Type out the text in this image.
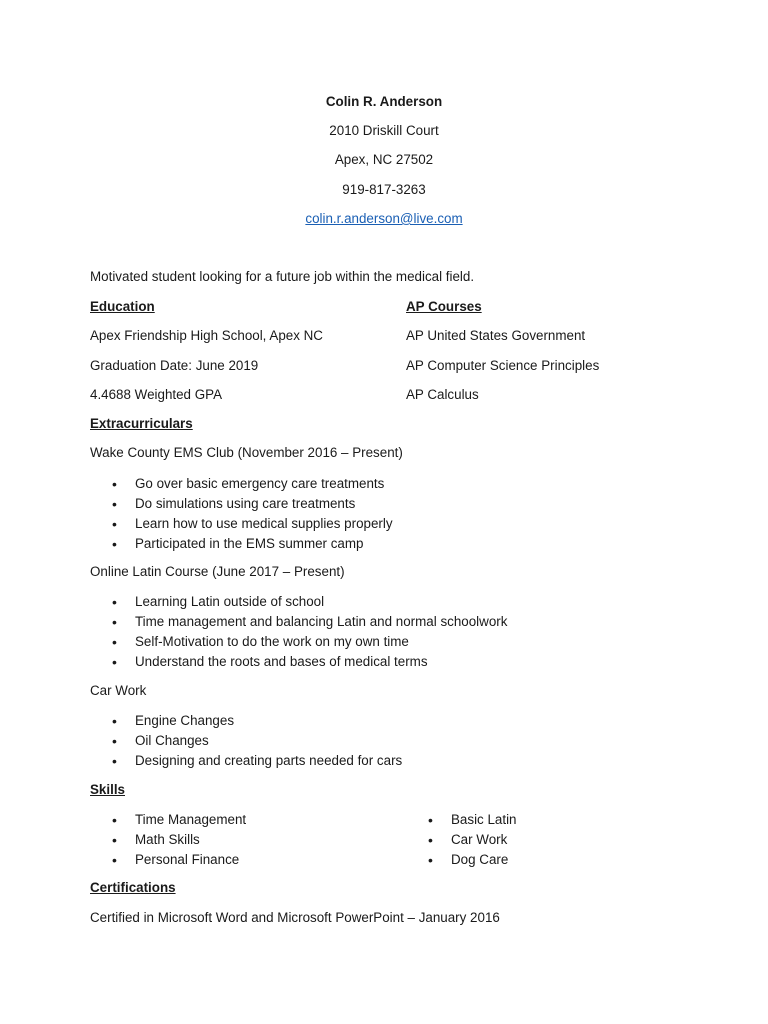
Colin R. Anderson
2010 Driskill Court
Apex, NC 27502
919-817-3263
colin.r.anderson@live.com
Motivated student looking for a future job within the medical field.
Education
Apex Friendship High School, Apex NC
Graduation Date: June 2019
4.4688 Weighted GPA
AP Courses
AP United States Government
AP Computer Science Principles
AP Calculus
Extracurriculars
Wake County EMS Club (November 2016 – Present)
• Go over basic emergency care treatments
• Do simulations using care treatments
• Learn how to use medical supplies properly
• Participated in the EMS summer camp
Online Latin Course (June 2017 – Present)
• Learning Latin outside of school
• Time management and balancing Latin and normal schoolwork
• Self-Motivation to do the work on my own time
• Understand the roots and bases of medical terms
Car Work
• Engine Changes
• Oil Changes
• Designing and creating parts needed for cars
Skills
• Time Management
• Math Skills
• Personal Finance
• Basic Latin
• Car Work
• Dog Care
Certifications
Certified in Microsoft Word and Microsoft PowerPoint – January 2016
